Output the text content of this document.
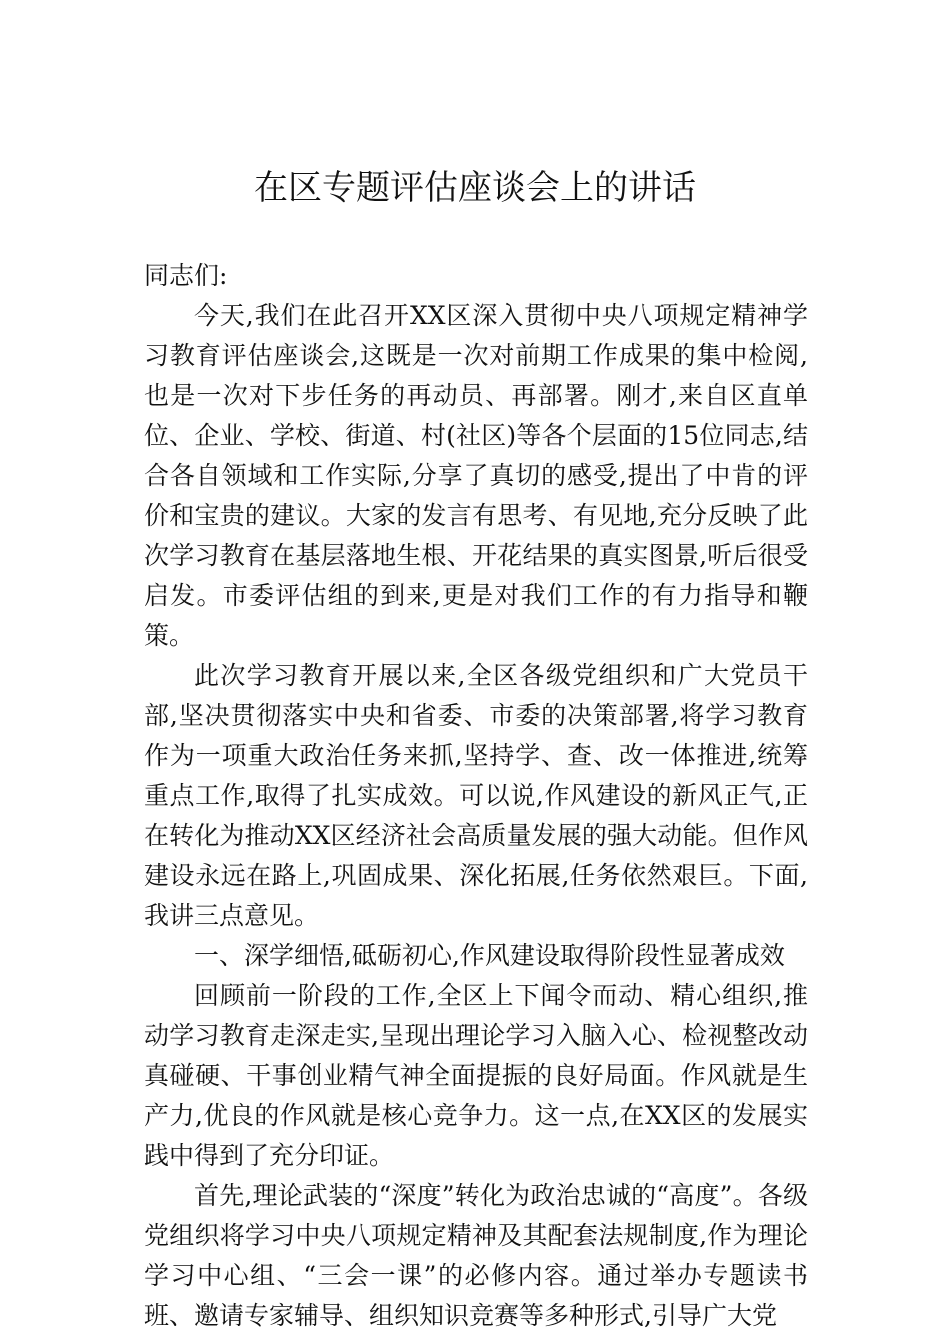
在区专题评估座谈会上的讲话

同志们:

今天,我们在此召开XX区深入贯彻中央八项规定精神学习教育评估座谈会,这既是一次对前期工作成果的集中检阅,也是一次对下步任务的再动员、再部署。刚才,来自区直单位、企业、学校、街道、村(社区)等各个层面的15位同志,结合各自领域和工作实际,分享了真切的感受,提出了中肯的评价和宝贵的建议。大家的发言有思考、有见地,充分反映了此次学习教育在基层落地生根、开花结果的真实图景,听后很受启发。市委评估组的到来,更是对我们工作的有力指导和鞭策。

此次学习教育开展以来,全区各级党组织和广大党员干部,坚决贯彻落实中央和省委、市委的决策部署,将学习教育作为一项重大政治任务来抓,坚持学、查、改一体推进,统筹重点工作,取得了扎实成效。可以说,作风建设的新风正气,正在转化为推动XX区经济社会高质量发展的强大动能。但作风建设永远在路上,巩固成果、深化拓展,任务依然艰巨。下面,我讲三点意见。

一、深学细悟,砥砺初心,作风建设取得阶段性显著成效

回顾前一阶段的工作,全区上下闻令而动、精心组织,推动学习教育走深走实,呈现出理论学习入脑入心、检视整改动真碰硬、干事创业精气神全面提振的良好局面。作风就是生产力,优良的作风就是核心竞争力。这一点,在XX区的发展实践中得到了充分印证。

首先,理论武装的“深度”转化为政治忠诚的“高度”。各级党组织将学习中央八项规定精神及其配套法规制度,作为理论学习中心组、“三会一课”的必修内容。通过举办专题读书班、邀请专家辅导、组织知识竞赛等多种形式,引导广大党
